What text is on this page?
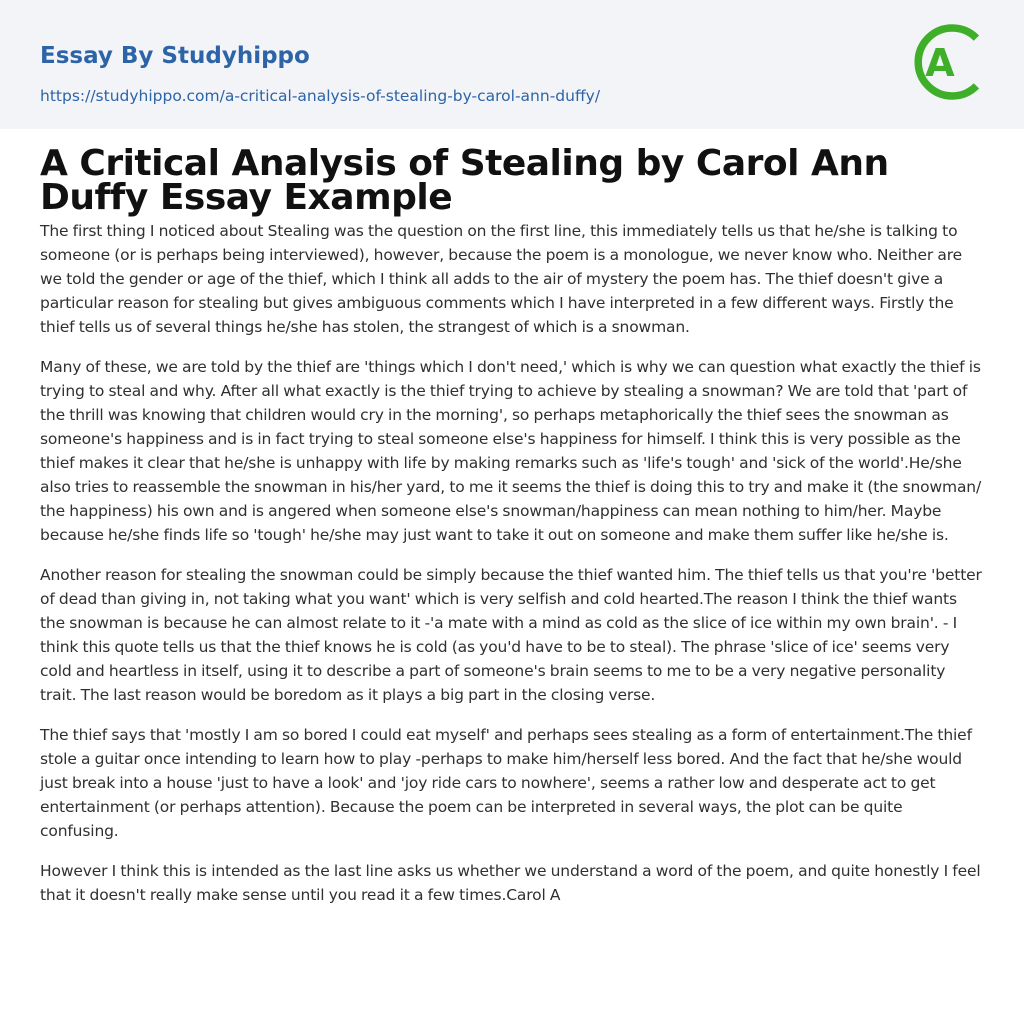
Essay By Studyhippo
https://studyhippo.com/a-critical-analysis-of-stealing-by-carol-ann-duffy/
A
A Critical Analysis of Stealing by Carol Ann Duffy Essay Example

The first thing I noticed about Stealing was the question on the first line, this immediately tells us that he/she is talking to someone (or is perhaps being interviewed), however, because the poem is a monologue, we never know who. Neither are we told the gender or age of the thief, which I think all adds to the air of mystery the poem has. The thief doesn't give a particular reason for stealing but gives ambiguous comments which I have interpreted in a few different ways. Firstly the thief tells us of several things he/she has stolen, the strangest of which is a snowman.

Many of these, we are told by the thief are 'things which I don't need,' which is why we can question what exactly the thief is trying to steal and why. After all what exactly is the thief trying to achieve by stealing a snowman? We are told that 'part of the thrill was knowing that children would cry in the morning', so perhaps metaphorically the thief sees the snowman as someone's happiness and is in fact trying to steal someone else's happiness for himself. I think this is very possible as the thief makes it clear that he/she is unhappy with life by making remarks such as 'life's tough' and 'sick of the world'.He/she also tries to reassemble the snowman in his/her yard, to me it seems the thief is doing this to try and make it (the snowman/ the happiness) his own and is angered when someone else's snowman/happiness can mean nothing to him/her. Maybe because he/she finds life so 'tough' he/she may just want to take it out on someone and make them suffer like he/she is.

Another reason for stealing the snowman could be simply because the thief wanted him. The thief tells us that you're 'better of dead than giving in, not taking what you want' which is very selfish and cold hearted.The reason I think the thief wants the snowman is because he can almost relate to it -'a mate with a mind as cold as the slice of ice within my own brain'. - I think this quote tells us that the thief knows he is cold (as you'd have to be to steal). The phrase 'slice of ice' seems very cold and heartless in itself, using it to describe a part of someone's brain seems to me to be a very negative personality trait. The last reason would be boredom as it plays a big part in the closing verse.

The thief says that 'mostly I am so bored I could eat myself' and perhaps sees stealing as a form of entertainment.The thief stole a guitar once intending to learn how to play -perhaps to make him/herself less bored. And the fact that he/she would just break into a house 'just to have a look' and 'joy ride cars to nowhere', seems a rather low and desperate act to get entertainment (or perhaps attention). Because the poem can be interpreted in several ways, the plot can be quite confusing.

However I think this is intended as the last line asks us whether we understand a word of the poem, and quite honestly I feel that it doesn't really make sense until you read it a few times.Carol A
